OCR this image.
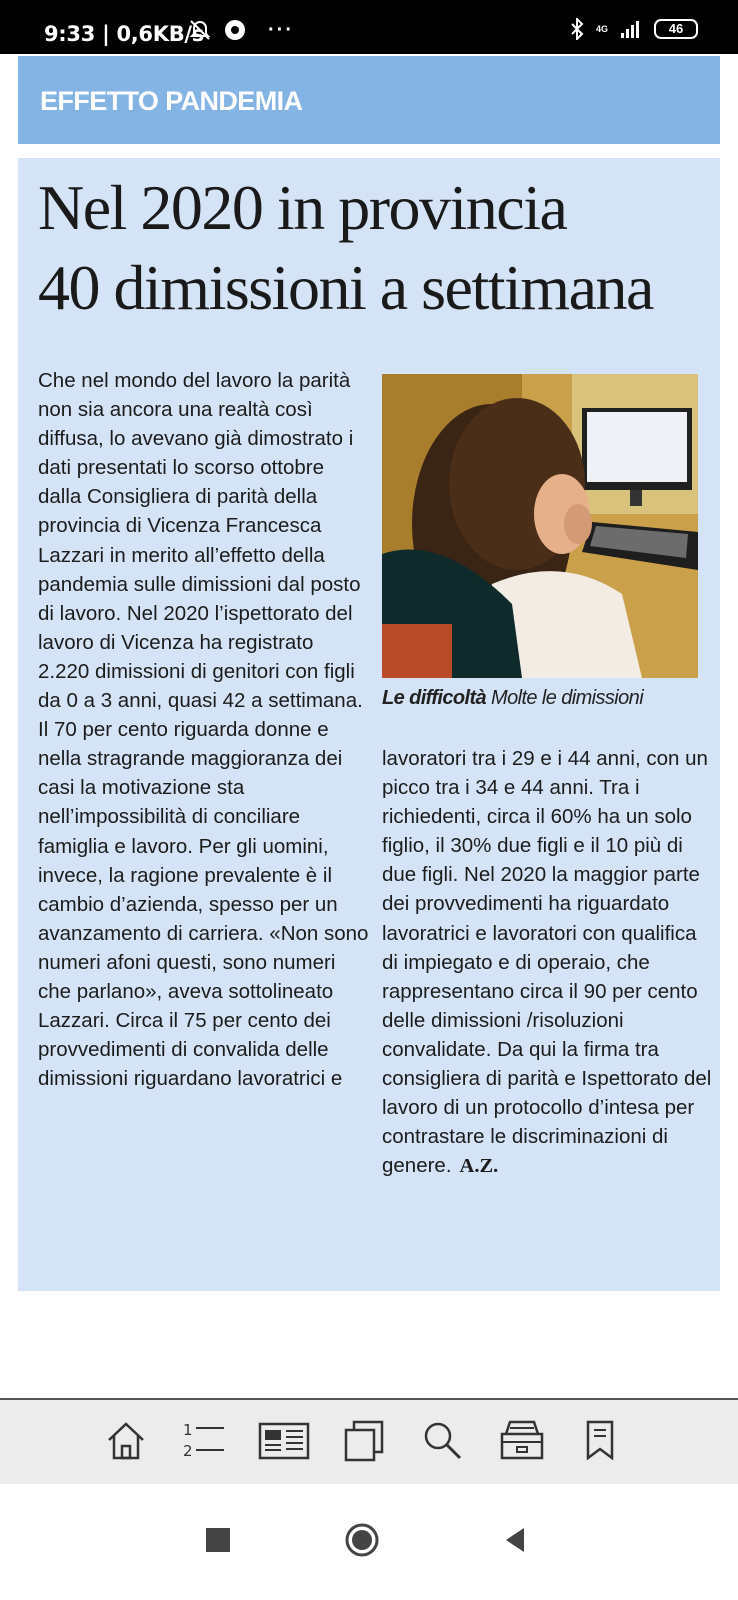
9:33 | 0,6KB/s	···	4G	46
EFFETTO PANDEMIA
Nel 2020 in provincia
40 dimissioni a settimana
Che nel mondo del lavoro la parità non sia ancora una realtà così diffusa, lo avevano già dimostrato i dati presentati lo scorso ottobre dalla Consigliera di parità della provincia di Vicenza Francesca Lazzari in merito all’effetto della pandemia sulle dimissioni dal posto di lavoro. Nel 2020 l’ispettorato del lavoro di Vicenza ha registrato 2.220 dimissioni di genitori con figli da 0 a 3 anni, quasi 42 a settimana. Il 70 per cento riguarda donne e nella stragrande maggioranza dei casi la motivazione sta nell’impossibilità di conciliare famiglia e lavoro. Per gli uomini, invece, la ragione prevalente è il cambio d’azienda, spesso per un avanzamento di carriera. «Non sono numeri afoni questi, sono numeri che parlano», aveva sottolineato Lazzari. Circa il 75 per cento dei provvedimenti di convalida delle dimissioni riguardano lavoratrici e
Le difficoltà Molte le dimissioni
lavoratori tra i 29 e i 44 anni, con un picco tra i 34 e 44 anni. Tra i richiedenti, circa il 60% ha un solo figlio, il 30% due figli e il 10 più di due figli. Nel 2020 la maggior parte dei provvedimenti ha riguardato lavoratrici e lavoratori con qualifica di impiegato e di operaio, che rappresentano circa il 90 per cento delle dimissioni /risoluzioni convalidate. Da qui la firma tra consigliera di parità e Ispettorato del lavoro di un protocollo d’intesa per contrastare le discriminazioni di genere. A.Z.
1
2
